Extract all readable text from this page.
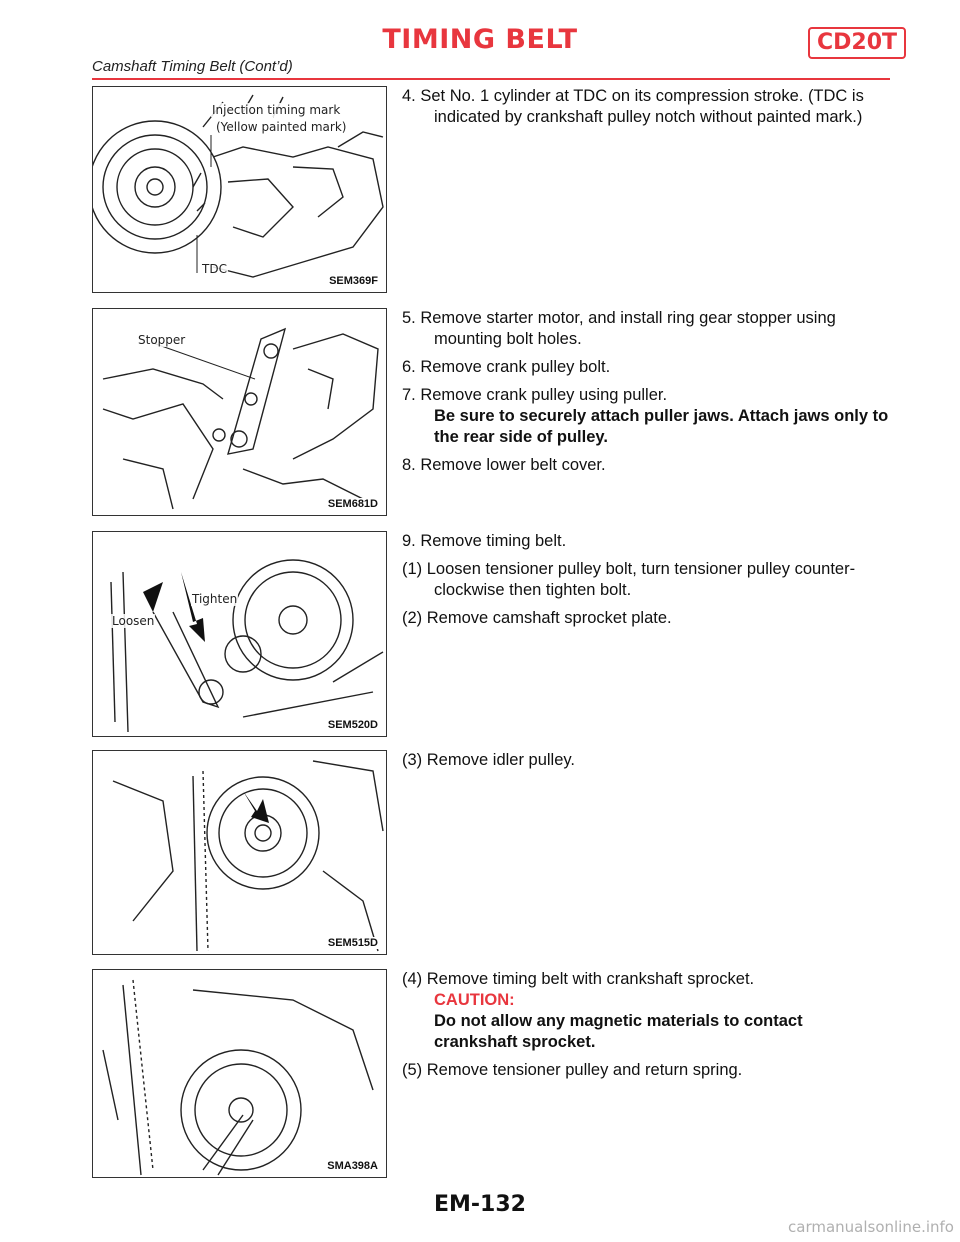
TIMING BELT	CD20T
Camshaft Timing Belt (Cont’d)
Injection timing mark
(Yellow painted mark)
TDC
SEM369F
Stopper
SEM681D
Loosen
Tighten
SEM520D
SEM515D
SMA398A

4. Set No. 1 cylinder at TDC on its compression stroke. (TDC is indicated by crankshaft pulley notch without painted mark.)

5. Remove starter motor, and install ring gear stopper using mounting bolt holes.

6. Remove crank pulley bolt.

7. Remove crank pulley using puller.
Be sure to securely attach puller jaws. Attach jaws only to the rear side of pulley.

8. Remove lower belt cover.

9. Remove timing belt.

(1) Loosen tensioner pulley bolt, turn tensioner pulley counter-clockwise then tighten bolt.

(2) Remove camshaft sprocket plate.

(3) Remove idler pulley.

(4) Remove timing belt with crankshaft sprocket.
CAUTION:
Do not allow any magnetic materials to contact crankshaft sprocket.

(5) Remove tensioner pulley and return spring.

EM-132
carmanualsonline.info
